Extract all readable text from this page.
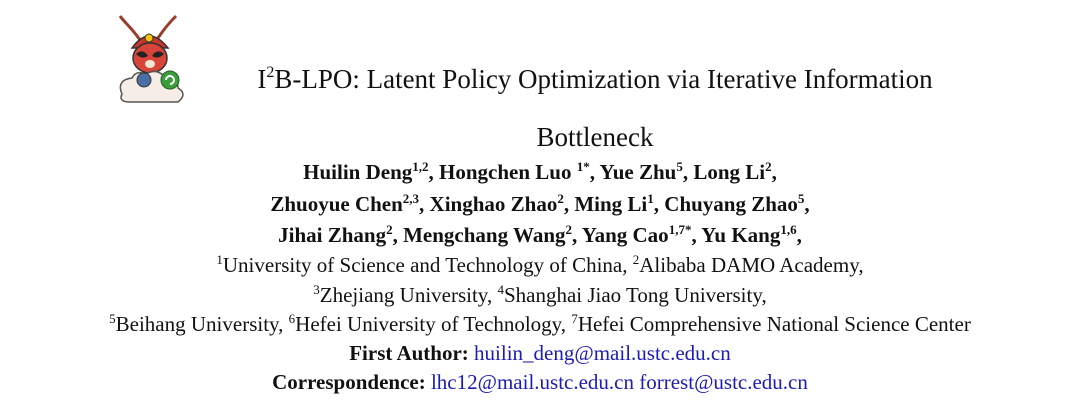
$I^2B$-LPO: Latent Policy Optimization via Iterative Information
Bottleneck
Huilin Deng$^{1,2}$, Hongchen Luo $^{1*}$, Yue Zhu$^5$, Long Li$^2$,
Zhuoyue Chen$^{2,3}$, Xinghao Zhao$^2$, Ming Li$^1$, Chuyang Zhao$^5$,
Jihai Zhang$^2$, Mengchang Wang$^2$, Yang Cao$^{1,7*}$, Yu Kang$^{1,6}$,
$^1$University of Science and Technology of China, $^2$Alibaba DAMO Academy,
$^3$Zhejiang University, $^4$Shanghai Jiao Tong University,
$^5$Beihang University, $^6$Hefei University of Technology, $^7$Hefei Comprehensive National Science Center
First Author: huilin_deng@mail.ustc.edu.cn
Correspondence: lhc12@mail.ustc.edu.cn forrest@ustc.edu.cn
